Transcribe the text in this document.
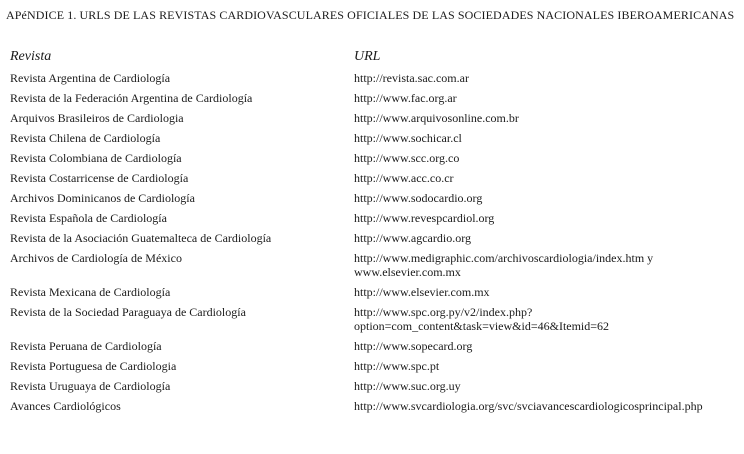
APéNDICE 1. URLS DE LAS REVISTAS CARDIOVASCULARES OFICIALES DE LAS SOCIEDADES NACIONALES IBEROAMERICANAS
Revista	URL
Revista Argentina de Cardiología	http://revista.sac.com.ar
Revista de la Federación Argentina de Cardiología	http://www.fac.org.ar
Arquivos Brasileiros de Cardiologia	http://www.arquivosonline.com.br
Revista Chilena de Cardiología	http://www.sochicar.cl
Revista Colombiana de Cardiología	http://www.scc.org.co
Revista Costarricense de Cardiología	http://www.acc.co.cr
Archivos Dominicanos de Cardiología	http://www.sodocardio.org
Revista Española de Cardiología	http://www.revespcardiol.org
Revista de la Asociación Guatemalteca de Cardiología	http://www.agcardio.org
Archivos de Cardiología de México	http://www.medigraphic.com/archivoscardiologia/index.htm y www.elsevier.com.mx
Revista Mexicana de Cardiología	http://www.elsevier.com.mx
Revista de la Sociedad Paraguaya de Cardiología	http://www.spc.org.py/v2/index.php? option=com_content&task=view&id=46&Itemid=62
Revista Peruana de Cardiología	http://www.sopecard.org
Revista Portuguesa de Cardiologia	http://www.spc.pt
Revista Uruguaya de Cardiología	http://www.suc.org.uy
Avances Cardiológicos	http://www.svcardiologia.org/svc/svciavancescardiologicosprincipal.php
